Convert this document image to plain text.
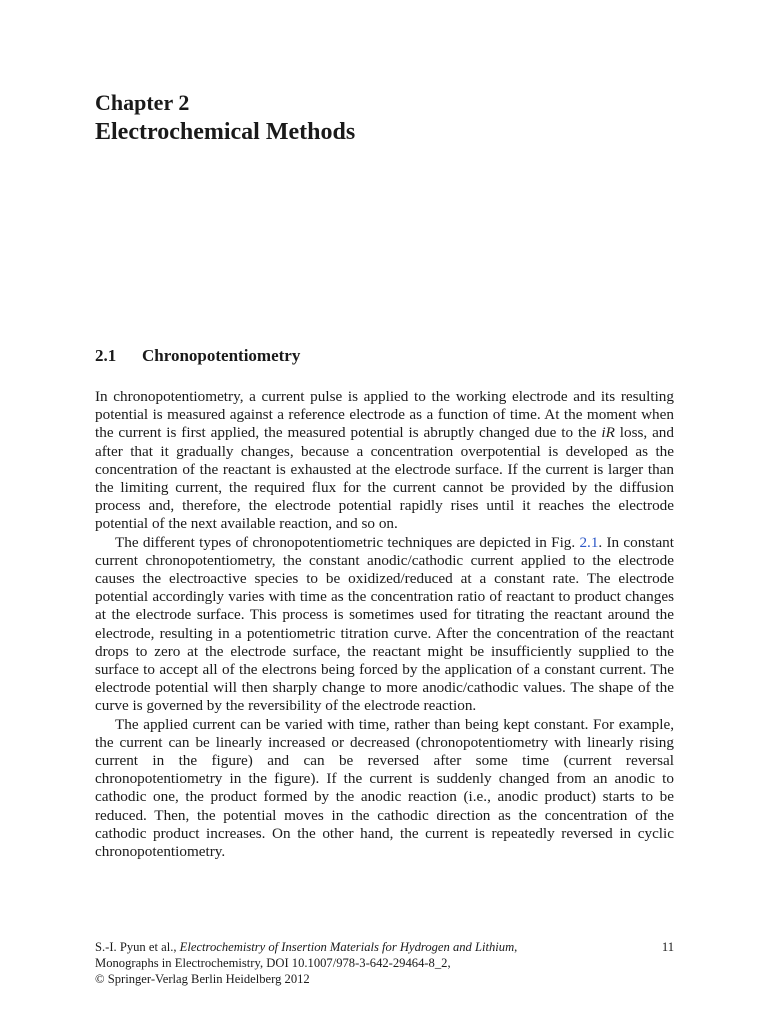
Chapter 2
Electrochemical Methods
2.1 Chronopotentiometry

In chronopotentiometry, a current pulse is applied to the working electrode and its resulting potential is measured against a reference electrode as a function of time. At the moment when the current is first applied, the measured potential is abruptly changed due to the iR loss, and after that it gradually changes, because a concentration overpotential is developed as the concentration of the reactant is exhausted at the electrode surface. If the current is larger than the limiting current, the required flux for the current cannot be provided by the diffusion process and, therefore, the electrode potential rapidly rises until it reaches the electrode potential of the next available reaction, and so on.

The different types of chronopotentiometric techniques are depicted in Fig. 2.1. In constant current chronopotentiometry, the constant anodic/cathodic current applied to the electrode causes the electroactive species to be oxidized/reduced at a constant rate. The electrode potential accordingly varies with time as the concentration ratio of reactant to product changes at the electrode surface. This process is sometimes used for titrating the reactant around the electrode, resulting in a potentiometric titration curve. After the concentration of the reactant drops to zero at the electrode surface, the reactant might be insufficiently supplied to the surface to accept all of the electrons being forced by the application of a constant current. The electrode potential will then sharply change to more anodic/cathodic values. The shape of the curve is governed by the reversibility of the electrode reaction.

The applied current can be varied with time, rather than being kept constant. For example, the current can be linearly increased or decreased (chronopotentiometry with linearly rising current in the figure) and can be reversed after some time (current reversal chronopotentiometry in the figure). If the current is suddenly changed from an anodic to cathodic one, the product formed by the anodic reaction (i.e., anodic product) starts to be reduced. Then, the potential moves in the cathodic direction as the concentration of the cathodic product increases. On the other hand, the current is repeatedly reversed in cyclic chronopotentiometry.

S.-I. Pyun et al., Electrochemistry of Insertion Materials for Hydrogen and Lithium,
Monographs in Electrochemistry, DOI 10.1007/978-3-642-29464-8_2,
© Springer-Verlag Berlin Heidelberg 2012
11
